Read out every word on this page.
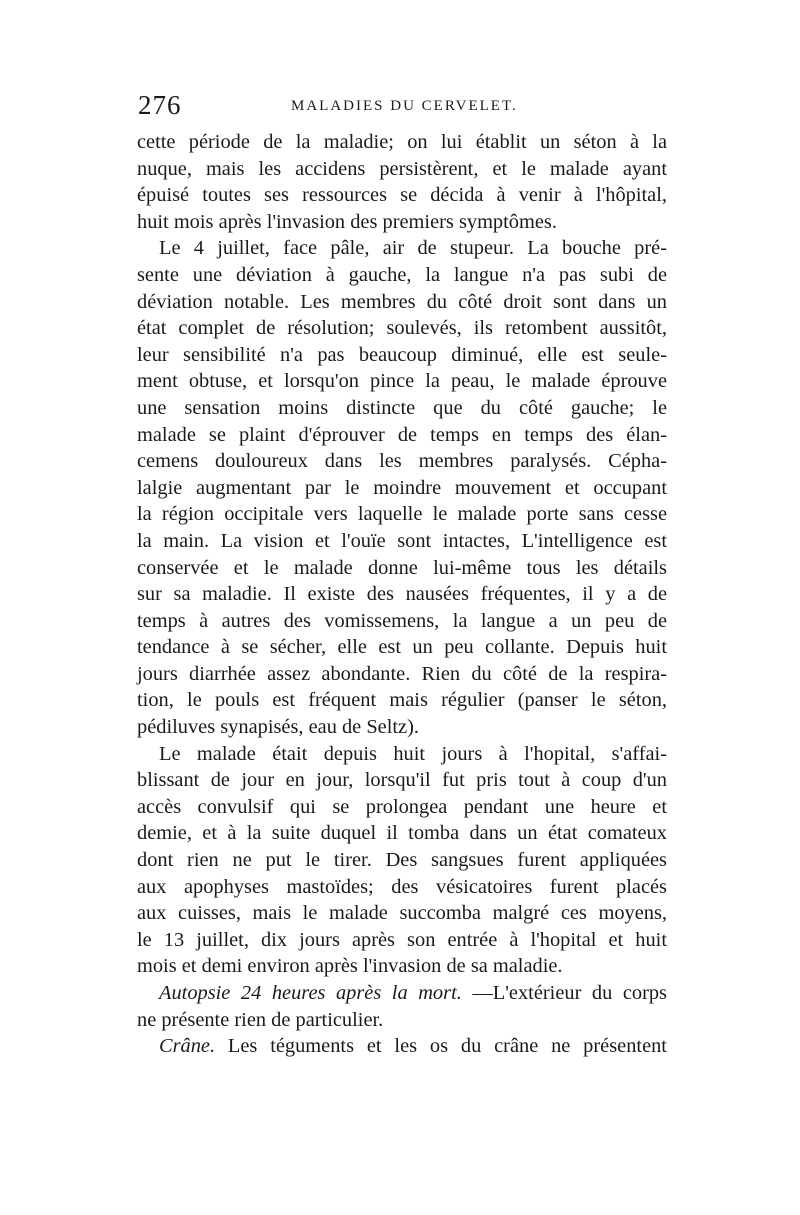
276	MALADIES DU CERVELET.
cette période de la maladie; on lui établit un séton à la
nuque, mais les accidens persistèrent, et le malade ayant
épuisé toutes ses ressources se décida à venir à l'hôpital,
huit mois après l'invasion des premiers symptômes.
Le 4 juillet, face pâle, air de stupeur. La bouche pré-
sente une déviation à gauche, la langue n'a pas subi de
déviation notable. Les membres du côté droit sont dans un
état complet de résolution; soulevés, ils retombent aussitôt,
leur sensibilité n'a pas beaucoup diminué, elle est seule-
ment obtuse, et lorsqu'on pince la peau, le malade éprouve
une sensation moins distincte que du côté gauche; le
malade se plaint d'éprouver de temps en temps des élan-
cemens douloureux dans les membres paralysés. Cépha-
lalgie augmentant par le moindre mouvement et occupant
la région occipitale vers laquelle le malade porte sans cesse
la main. La vision et l'ouïe sont intactes, L'intelligence est
conservée et le malade donne lui-même tous les détails
sur sa maladie. Il existe des nausées fréquentes, il y a de
temps à autres des vomissemens, la langue a un peu de
tendance à se sécher, elle est un peu collante. Depuis huit
jours diarrhée assez abondante. Rien du côté de la respira-
tion, le pouls est fréquent mais régulier (panser le séton,
pédiluves synapisés, eau de Seltz).
Le malade était depuis huit jours à l'hopital, s'affai-
blissant de jour en jour, lorsqu'il fut pris tout à coup d'un
accès convulsif qui se prolongea pendant une heure et
demie, et à la suite duquel il tomba dans un état comateux
dont rien ne put le tirer. Des sangsues furent appliquées
aux apophyses mastoïdes; des vésicatoires furent placés
aux cuisses, mais le malade succomba malgré ces moyens,
le 13 juillet, dix jours après son entrée à l'hopital et huit
mois et demi environ après l'invasion de sa maladie.
Autopsie 24 heures après la mort. —L'extérieur du corps
ne présente rien de particulier.
Crâne. Les téguments et les os du crâne ne présentent
